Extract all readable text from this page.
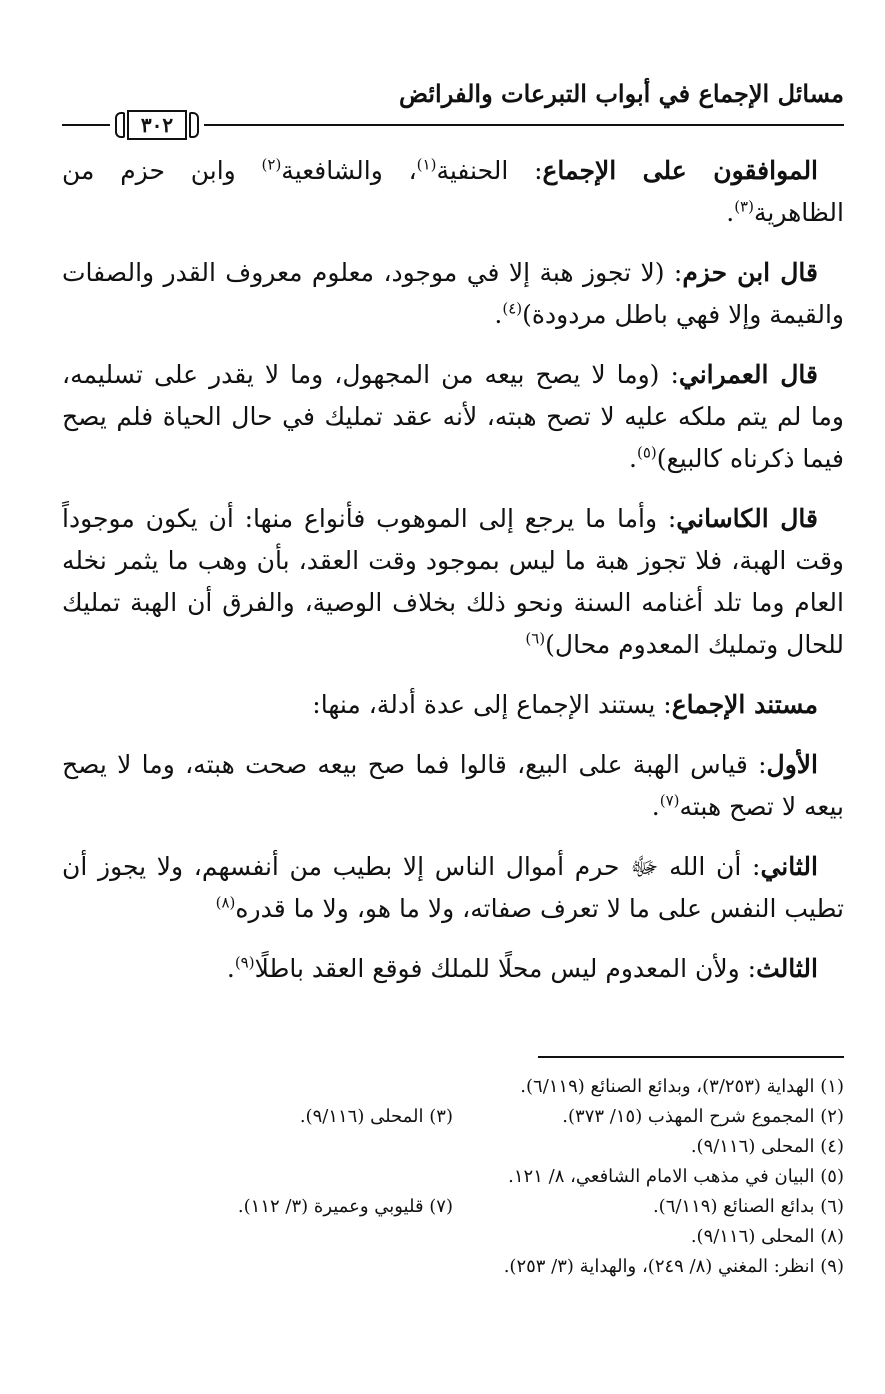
مسائل الإجماع في أبواب التبرعات والفرائض
٣٠٢

الموافقون على الإجماع: الحنفية$^{(١)}$، والشافعية$^{(٢)}$ وابن حزم من الظاهرية$^{(٣)}$.

قال ابن حزم: (لا تجوز هبة إلا في موجود، معلوم معروف القدر والصفات والقيمة وإلا فهي باطل مردودة)$^{(٤)}$.

قال العمراني: (وما لا يصح بيعه من المجهول، وما لا يقدر على تسليمه، وما لم يتم ملكه عليه لا تصح هبته، لأنه عقد تمليك في حال الحياة فلم يصح فيما ذكرناه كالبيع)$^{(٥)}$.

قال الكاساني: وأما ما يرجع إلى الموهوب فأنواع منها: أن يكون موجوداً وقت الهبة، فلا تجوز هبة ما ليس بموجود وقت العقد، بأن وهب ما يثمر نخله العام وما تلد أغنامه السنة ونحو ذلك بخلاف الوصية، والفرق أن الهبة تمليك للحال وتمليك المعدوم محال)$^{(٦)}$

مستند الإجماع: يستند الإجماع إلى عدة أدلة، منها:

الأول: قياس الهبة على البيع، قالوا فما صح بيعه صحت هبته، وما لا يصح بيعه لا تصح هبته$^{(٧)}$.

الثاني: أن الله ﷻ حرم أموال الناس إلا بطيب من أنفسهم، ولا يجوز أن تطيب النفس على ما لا تعرف صفاته، ولا ما هو، ولا ما قدره$^{(٨)}$

الثالث: ولأن المعدوم ليس محلًا للملك فوقع العقد باطلًا$^{(٩)}$.

(١) الهداية (٣/٢٥٣)، وبدائع الصنائع (٦/١١٩).
(٢) المجموع شرح المهذب (١٥/ ٣٧٣).
(٣) المحلى (٩/١١٦).
(٤) المحلى (٩/١١٦).
(٥) البيان في مذهب الامام الشافعي، ٨/ ١٢١.
(٦) بدائع الصنائع (٦/١١٩).
(٧) قليوبي وعميرة (٣/ ١١٢).
(٨) المحلى (٩/١١٦).
(٩) انظر: المغني (٨/ ٢٤٩)، والهداية (٣/ ٢٥٣).
